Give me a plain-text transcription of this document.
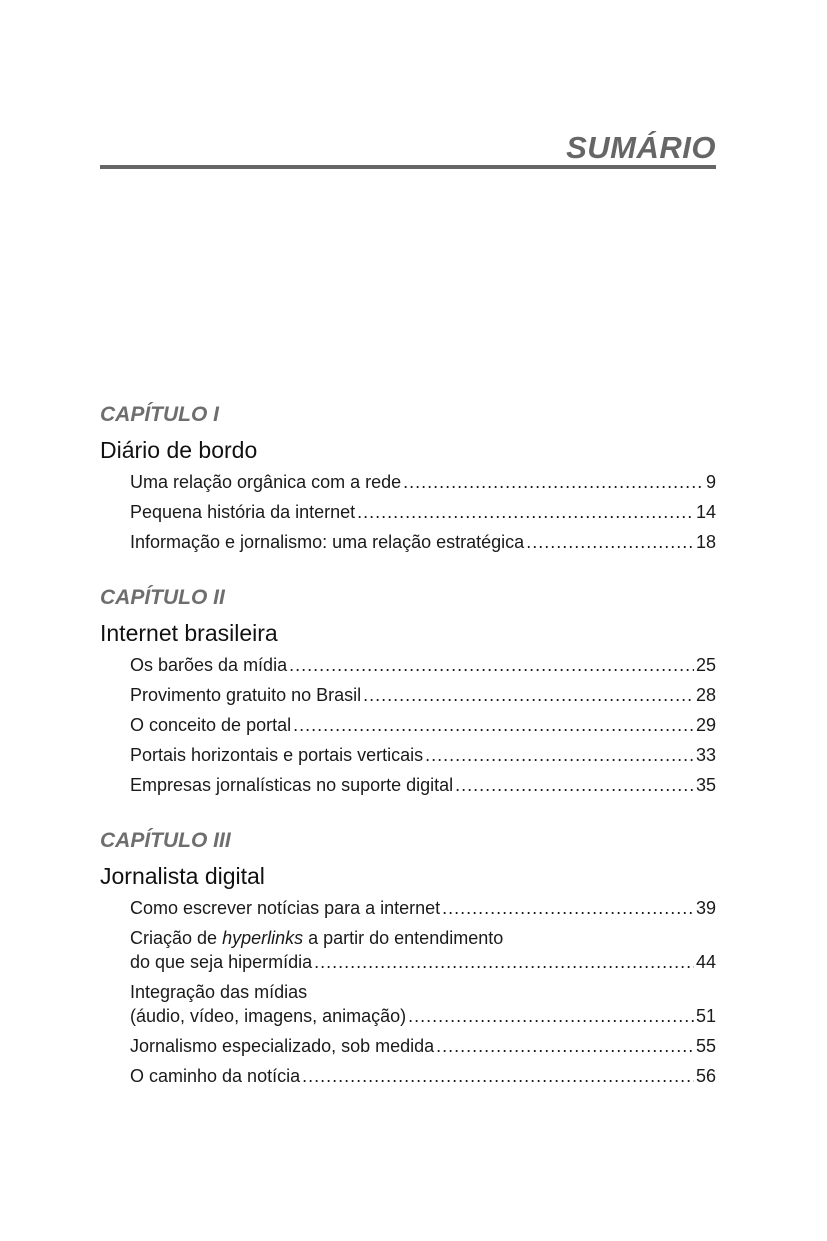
SUMÁRIO
CAPÍTULO I
Diário de bordo
Uma relação orgânica com a rede .....	9
Pequena história da internet .....	14
Informação e jornalismo: uma relação estratégica .....	18
CAPÍTULO II
Internet brasileira
Os barões da mídia .....	25
Provimento gratuito no Brasil .....	28
O conceito de portal .....	29
Portais horizontais e portais verticais .....	33
Empresas jornalísticas no suporte digital .....	35
CAPÍTULO III
Jornalista digital
Como escrever notícias para a internet .....	39
Criação de hyperlinks a partir do entendimento
do que seja hipermídia .....	44
Integração das mídias
(áudio, vídeo, imagens, animação) .....	51
Jornalismo especializado, sob medida .....	55
O caminho da notícia .....	56
